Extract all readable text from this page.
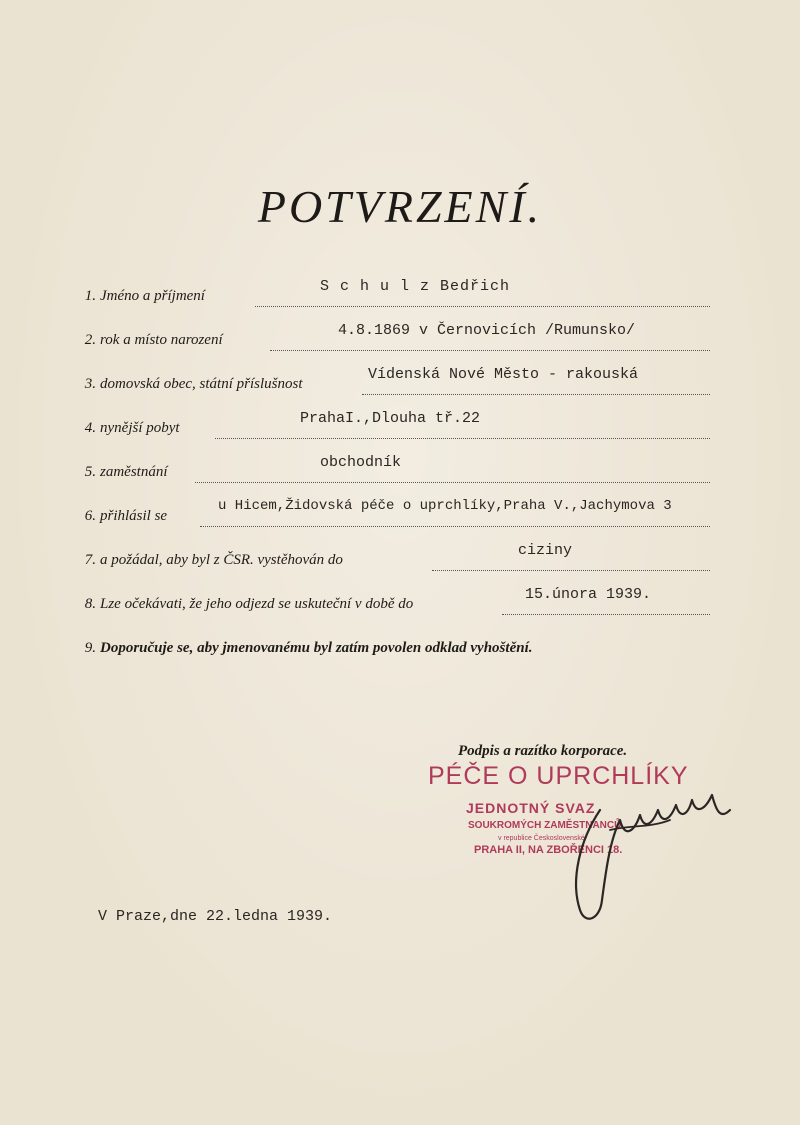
POTVRZENÍ.
1. Jméno a příjmení
S c h u l z Bedřich
2. rok a místo narození
4.8.1869 v Černovicích /Rumunsko/
3. domovská obec, státní příslušnost
Vídenská Nové Město - rakouská
4. nynější pobyt
PrahaI.,Dlouha tř.22
5. zaměstnání
obchodník
6. přihlásil se
u Hicem,Židovská péče o uprchlíky,Praha V.,Jachymova 3
7. a požádal, aby byl z ČSR. vystěhován do
ciziny
8. Lze očekávati, že jeho odjezd se uskuteční v době do
15.února 1939.
9. Doporučuje se, aby jmenovanému byl zatím povolen odklad vyhoštění.
Podpis a razítko korporace.
PÉČE O UPRCHLÍKY
JEDNOTNÝ SVAZ
SOUKROMÝCH ZAMĚSTNANCŮ
v republice Československé
PRAHA II, NA ZBOŘENCI 18.
V Praze,dne 22.ledna 1939.
